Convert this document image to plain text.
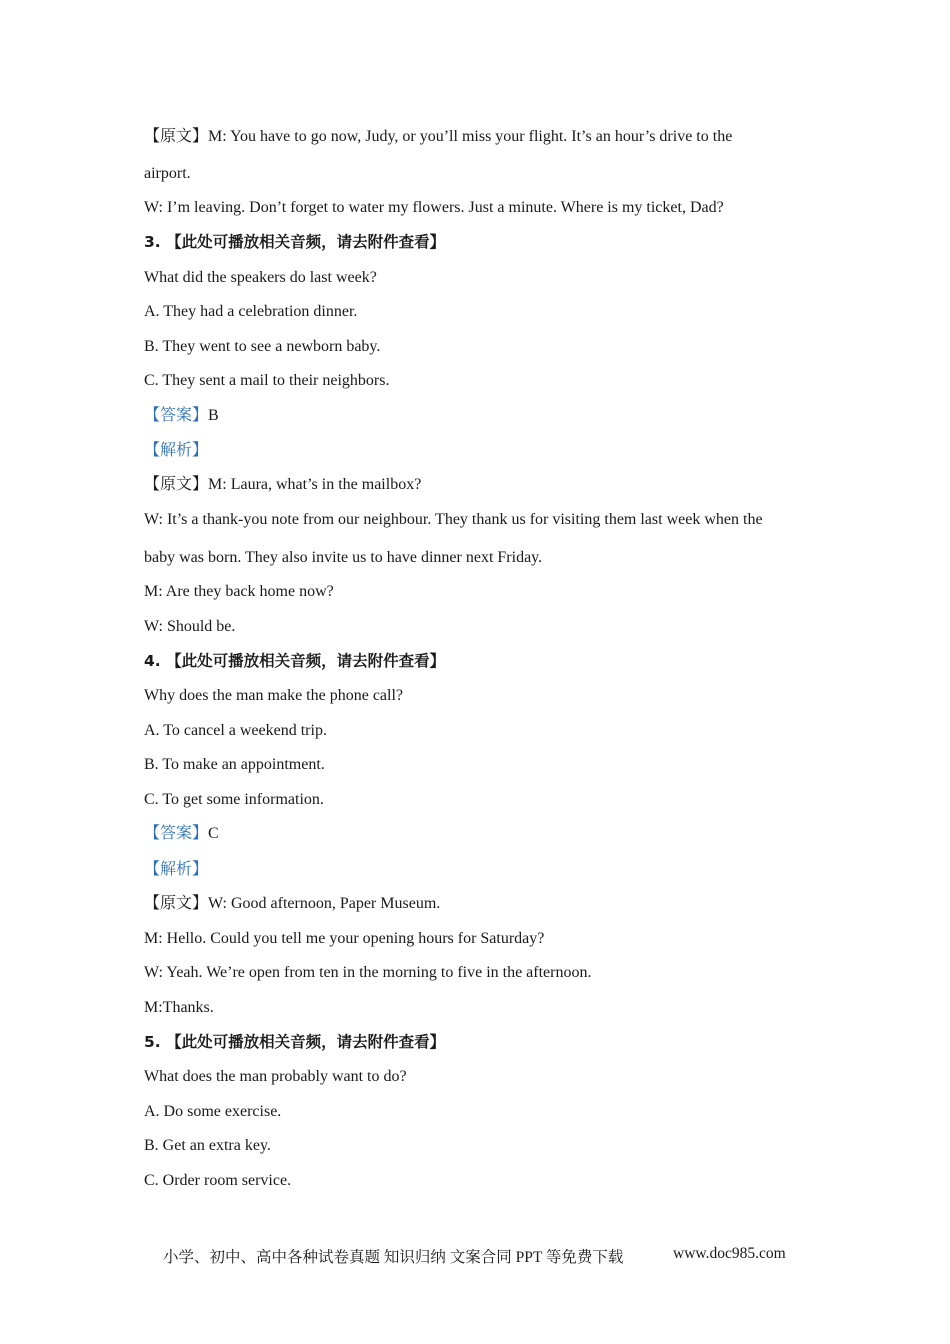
【原文】M: You have to go now, Judy, or you’ll miss your flight. It’s an hour’s drive to the
airport.
W: I’m leaving. Don’t forget to water my flowers. Just a minute. Where is my ticket, Dad?
3. 【此处可播放相关音频，请去附件查看】
What did the speakers do last week?
A. They had a celebration dinner.
B. They went to see a newborn baby.
C. They sent a mail to their neighbors.
【答案】B
【解析】
【原文】M: Laura, what’s in the mailbox?
W: It’s a thank-you note from our neighbour. They thank us for visiting them last week when the
baby was born. They also invite us to have dinner next Friday.
M: Are they back home now?
W: Should be.
4. 【此处可播放相关音频，请去附件查看】
Why does the man make the phone call?
A. To cancel a weekend trip.
B. To make an appointment.
C. To get some information.
【答案】C
【解析】
【原文】W: Good afternoon, Paper Museum.
M: Hello. Could you tell me your opening hours for Saturday?
W: Yeah. We’re open from ten in the morning to five in the afternoon.
M:Thanks.
5. 【此处可播放相关音频，请去附件查看】
What does the man probably want to do?
A. Do some exercise.
B. Get an extra key.
C. Order room service.
小学、初中、高中各种试卷真题 知识归纳 文案合同 PPT 等免费下载	www.doc985.com
